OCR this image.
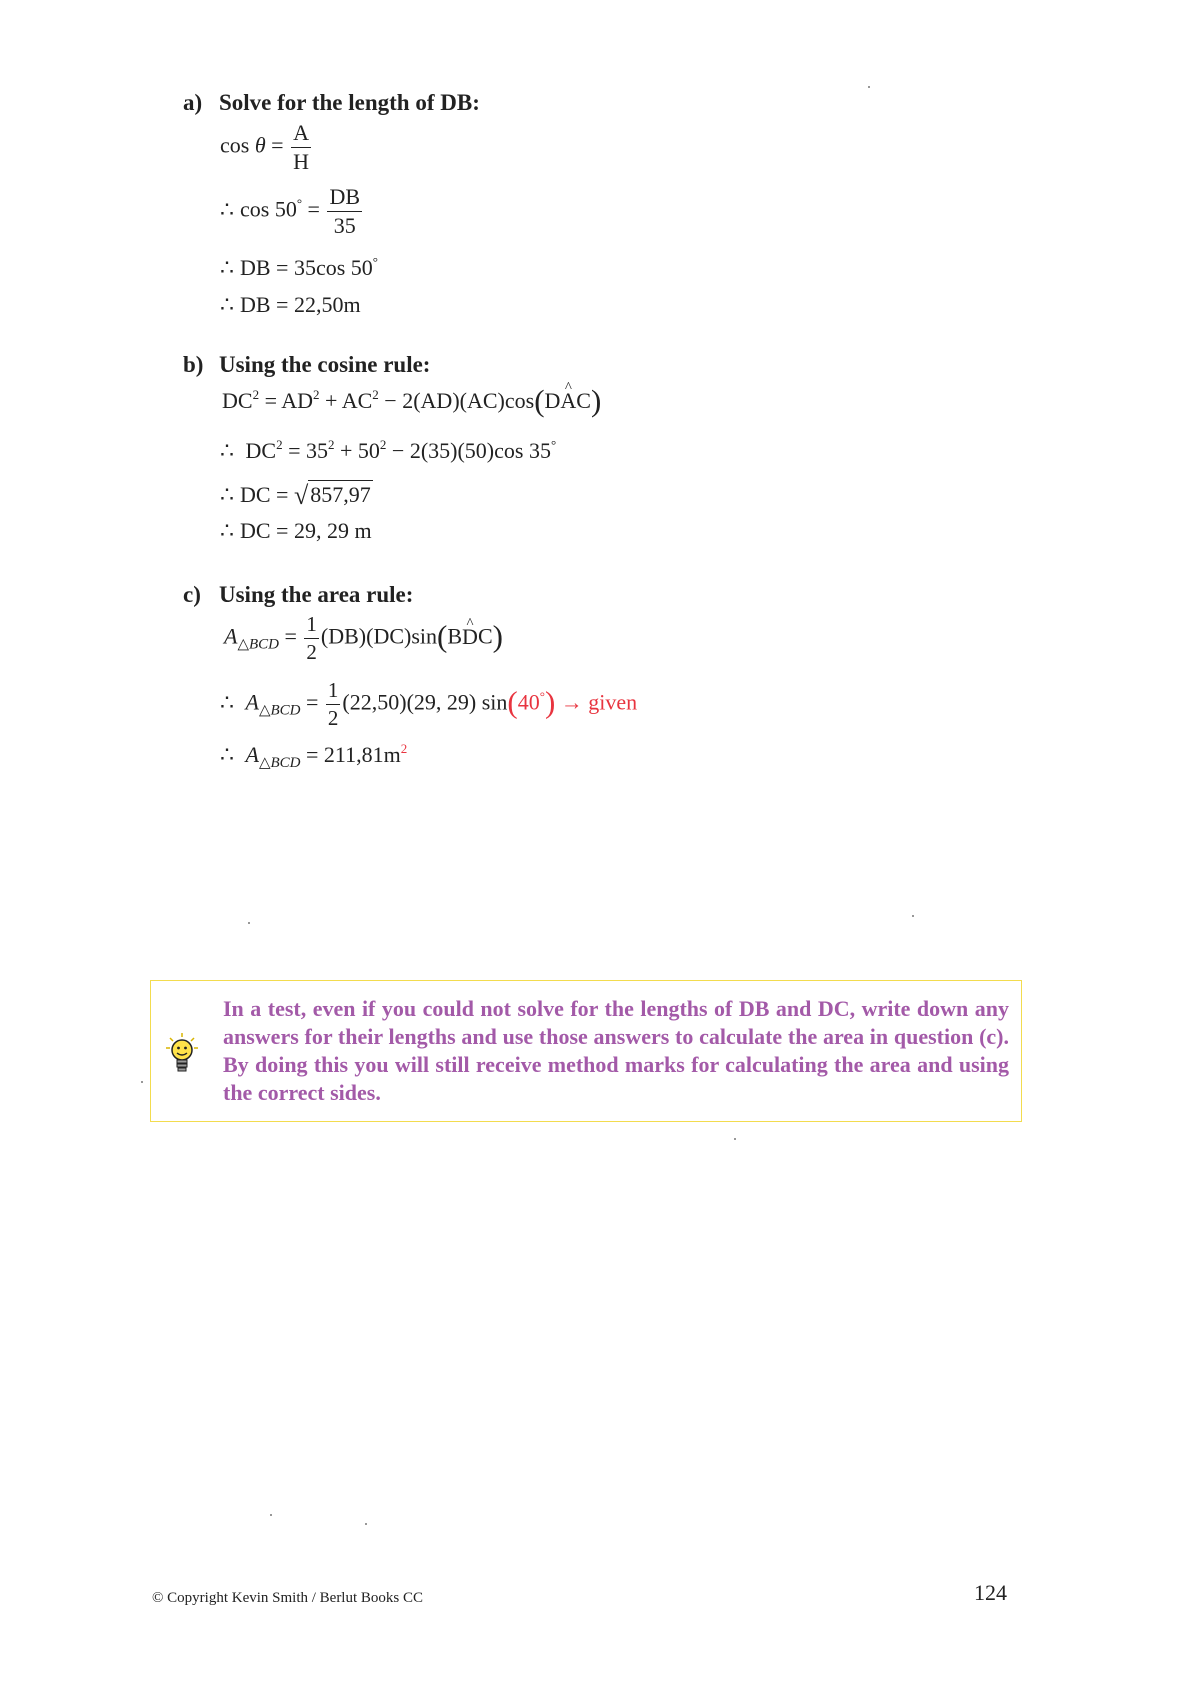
a) Solve for the length of DB:
$\cos \theta = \frac{A}{H}$
∴ $\cos 50^\circ = \frac{DB}{35}$
∴ DB = 35cos 50°
∴ DB = 22,50m
b) Using the cosine rule:
$DC^2 = AD^2 + AC^2$ − 2(AD)(AC)cos(D^ AC)
∴ $DC^2 = 35^2 + 50^2 - 2(35)(50)\cos$ 35°
∴ DC = √857,97
∴ DC = 29, 29 m
c) Using the area rule:
$A_{\triangle BCD} = \frac{1}{2}$ (DB)(DC)sin(B^ DC)
∴ $A_{\triangle BCD} = \frac{1}{2} (22,50)(29$, 29) sin(40°) → given
∴ $A_{\triangle BCD} = 211,81m^2$
In a test, even if you could not solve for the lengths of DB and DC, write down any answers for their lengths and use those answers to calculate the area in question (c). By doing this you will still receive method marks for calculating the area and using the correct sides.
© Copyright Kevin Smith / Berlut Books CC	124
